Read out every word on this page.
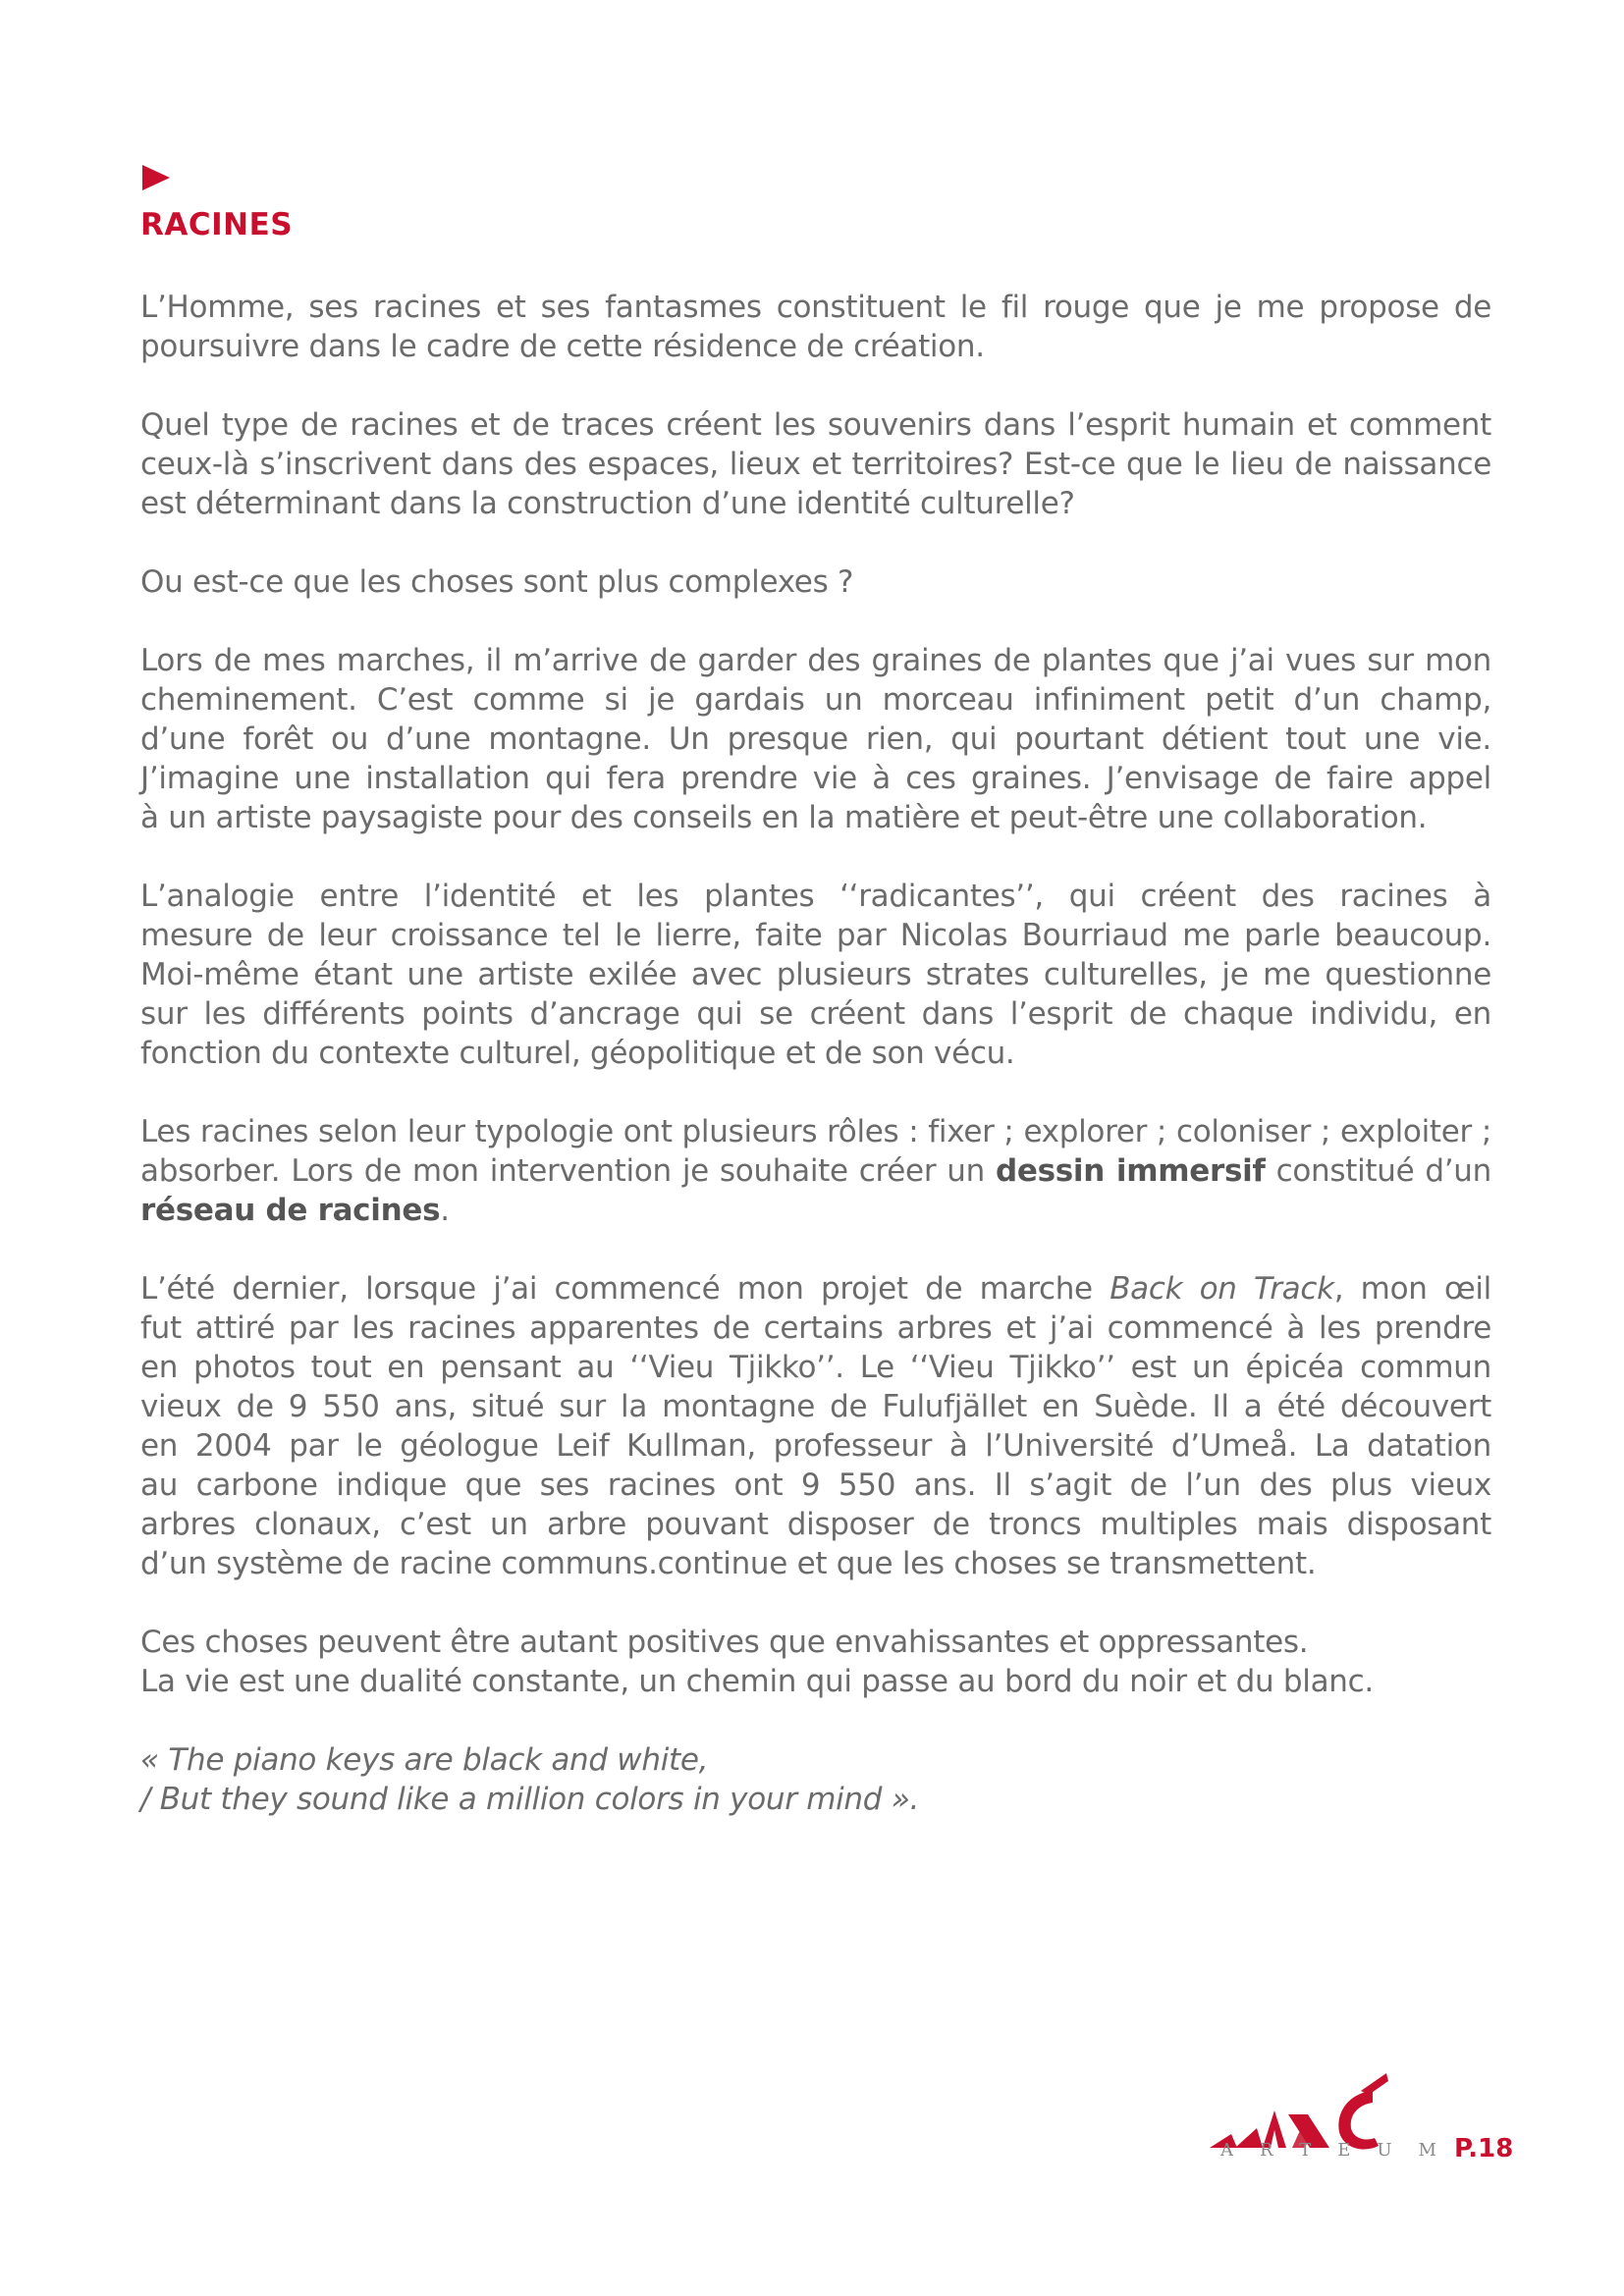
RACINES

L’Homme, ses racines et ses fantasmes constituent le fil rouge que je me propose de
poursuivre dans le cadre de cette résidence de création.

Quel type de racines et de traces créent les souvenirs dans l’esprit humain et comment
ceux-là s’inscrivent dans des espaces, lieux et territoires? Est-ce que le lieu de naissance
est déterminant dans la construction d’une identité culturelle?

Ou est-ce que les choses sont plus complexes ?

Lors de mes marches, il m’arrive de garder des graines de plantes que j’ai vues sur mon
cheminement. C’est comme si je gardais un morceau infiniment petit d’un champ,
d’une forêt ou d’une montagne. Un presque rien, qui pourtant détient tout une vie.
J’imagine une installation qui fera prendre vie à ces graines. J’envisage de faire appel
à un artiste paysagiste pour des conseils en la matière et peut-être une collaboration.

L’analogie entre l’identité et les plantes ‘‘radicantes’’, qui créent des racines à
mesure de leur croissance tel le lierre, faite par Nicolas Bourriaud me parle beaucoup.
Moi-même étant une artiste exilée avec plusieurs strates culturelles, je me questionne
sur les différents points d’ancrage qui se créent dans l’esprit de chaque individu, en
fonction du contexte culturel, géopolitique et de son vécu.

Les racines selon leur typologie ont plusieurs rôles : fixer ; explorer ; coloniser ; exploiter ;
absorber. Lors de mon intervention je souhaite créer un dessin immersif constitué d’un
réseau de racines.

L’été dernier, lorsque j’ai commencé mon projet de marche Back on Track, mon œil
fut attiré par les racines apparentes de certains arbres et j’ai commencé à les prendre
en photos tout en pensant au ‘‘Vieu Tjikko’’. Le ‘‘Vieu Tjikko’’ est un épicéa commun
vieux de 9 550 ans, situé sur la montagne de Fulufjället en Suède. Il a été découvert
en 2004 par le géologue Leif Kullman, professeur à l’Université d’Umeå. La datation
au carbone indique que ses racines ont 9 550 ans. Il s’agit de l’un des plus vieux
arbres clonaux, c’est un arbre pouvant disposer de troncs multiples mais disposant
d’un système de racine communs.continue et que les choses se transmettent.

Ces choses peuvent être autant positives que envahissantes et oppressantes.
La vie est une dualité constante, un chemin qui passe au bord du noir et du blanc.

« The piano keys are black and white,
/ But they sound like a million colors in your mind ».
ARTEUM
P.18
